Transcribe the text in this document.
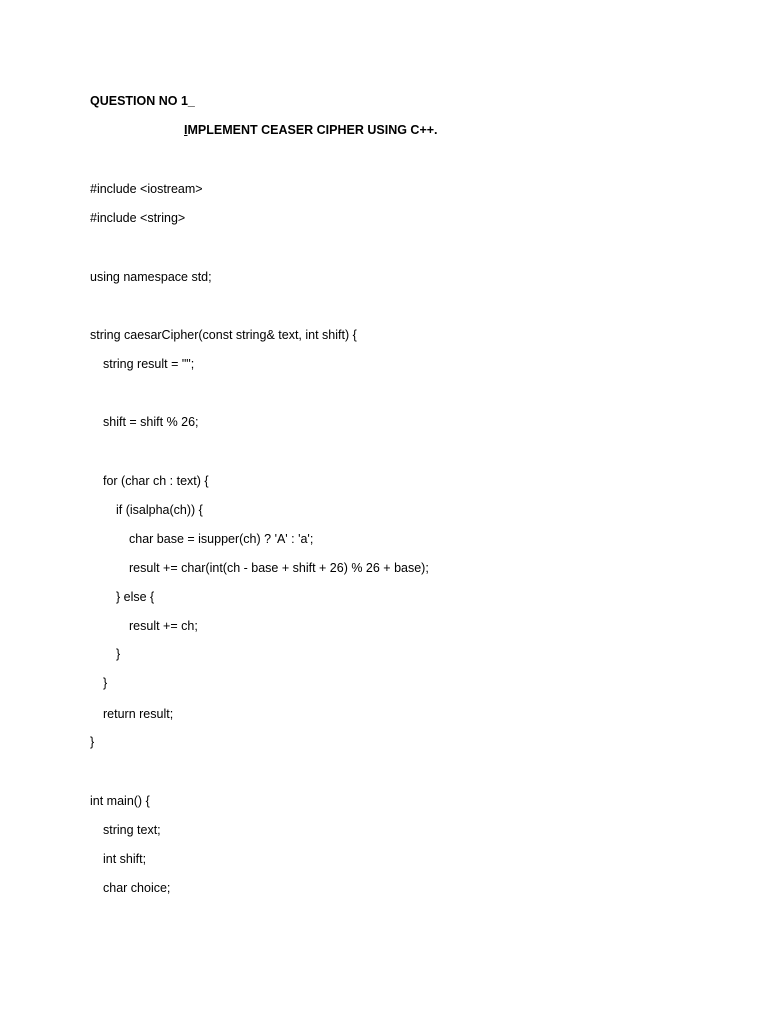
QUESTION NO 1_
IMPLEMENT CEASER CIPHER USING C++.
#include <iostream>
#include <string>
using namespace std;
string caesarCipher(const string& text, int shift) {
string result = "";
shift = shift % 26;
for (char ch : text) {
if (isalpha(ch)) {
char base = isupper(ch) ? 'A' : 'a';
result += char(int(ch - base + shift + 26) % 26 + base);
} else {
result += ch;
}
}
return result;
}
int main() {
string text;
int shift;
char choice;
